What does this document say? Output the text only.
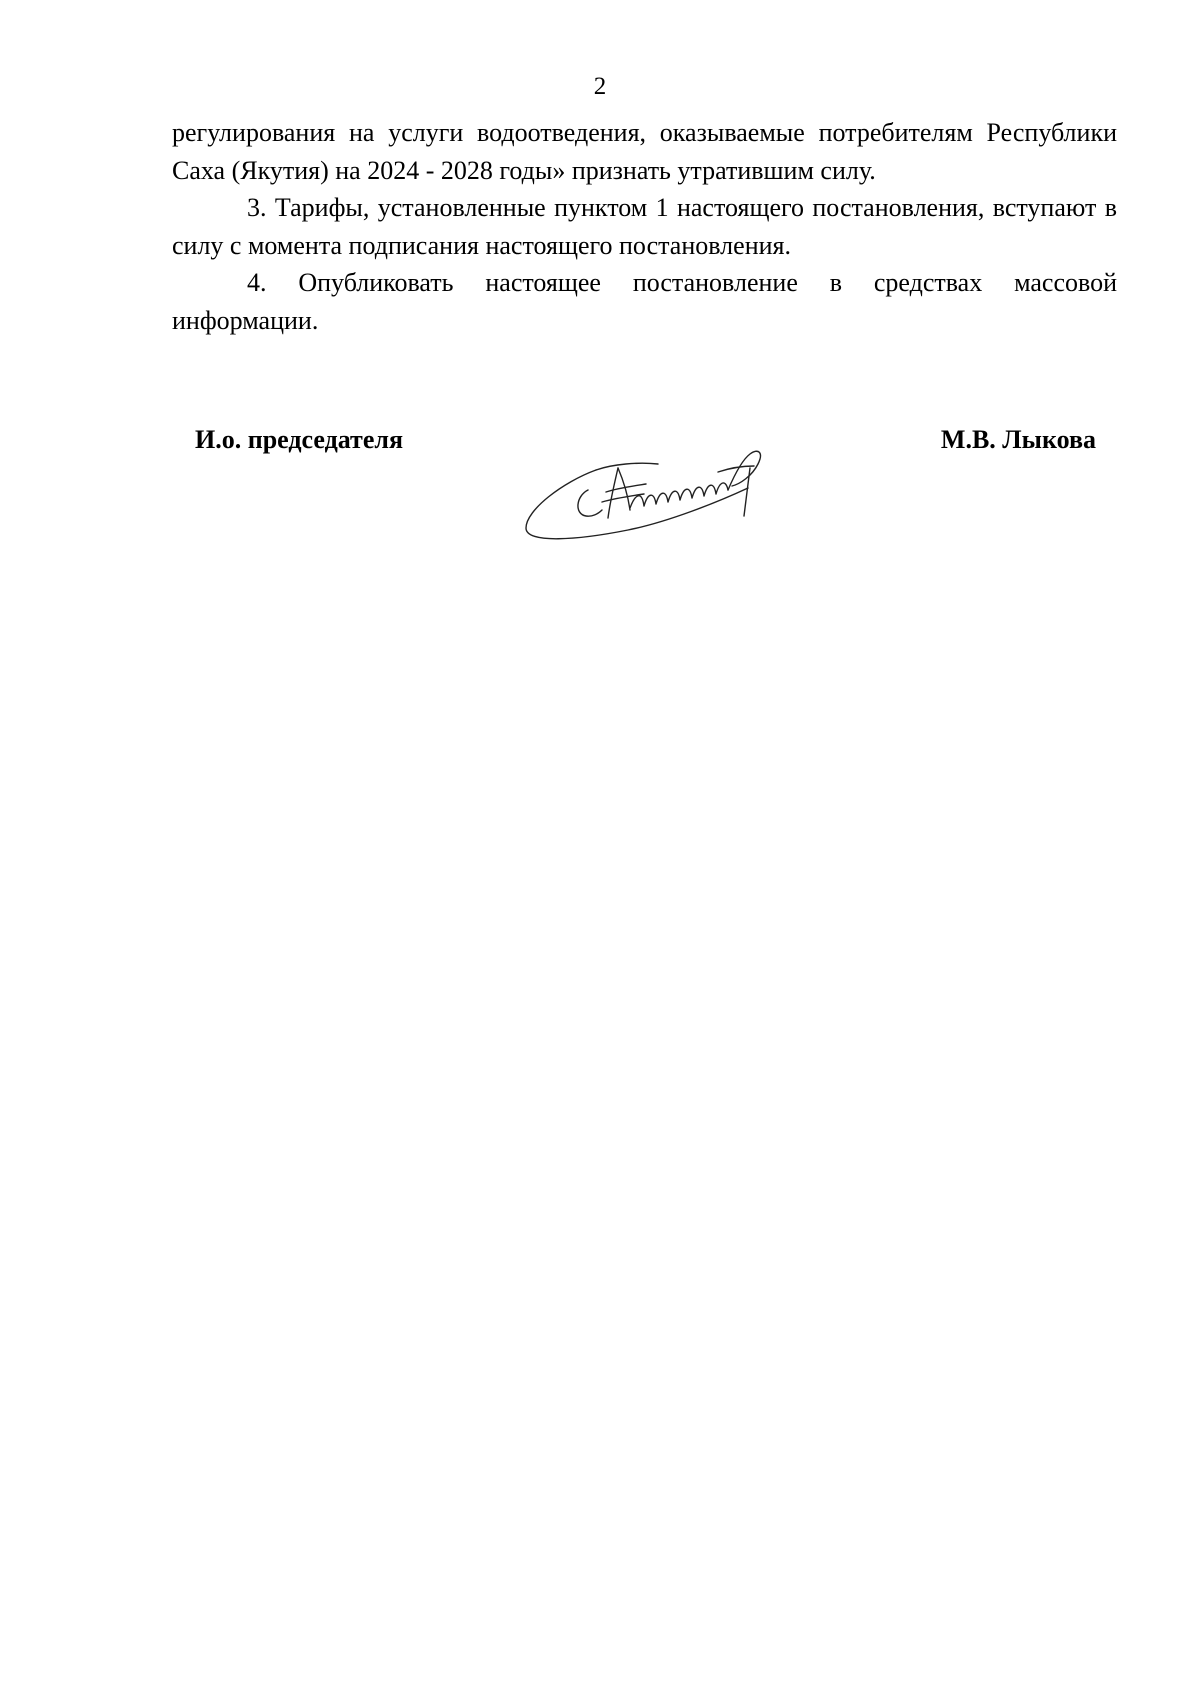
2

регулирования на услуги водоотведения, оказываемые потребителям Республики Саха (Якутия) на 2024 - 2028 годы» признать утратившим силу.

3. Тарифы, установленные пунктом 1 настоящего постановления, вступают в силу с момента подписания настоящего постановления.

4. Опубликовать настоящее постановление в средствах массовой информации.

И.о. председателя	М.В. Лыкова
